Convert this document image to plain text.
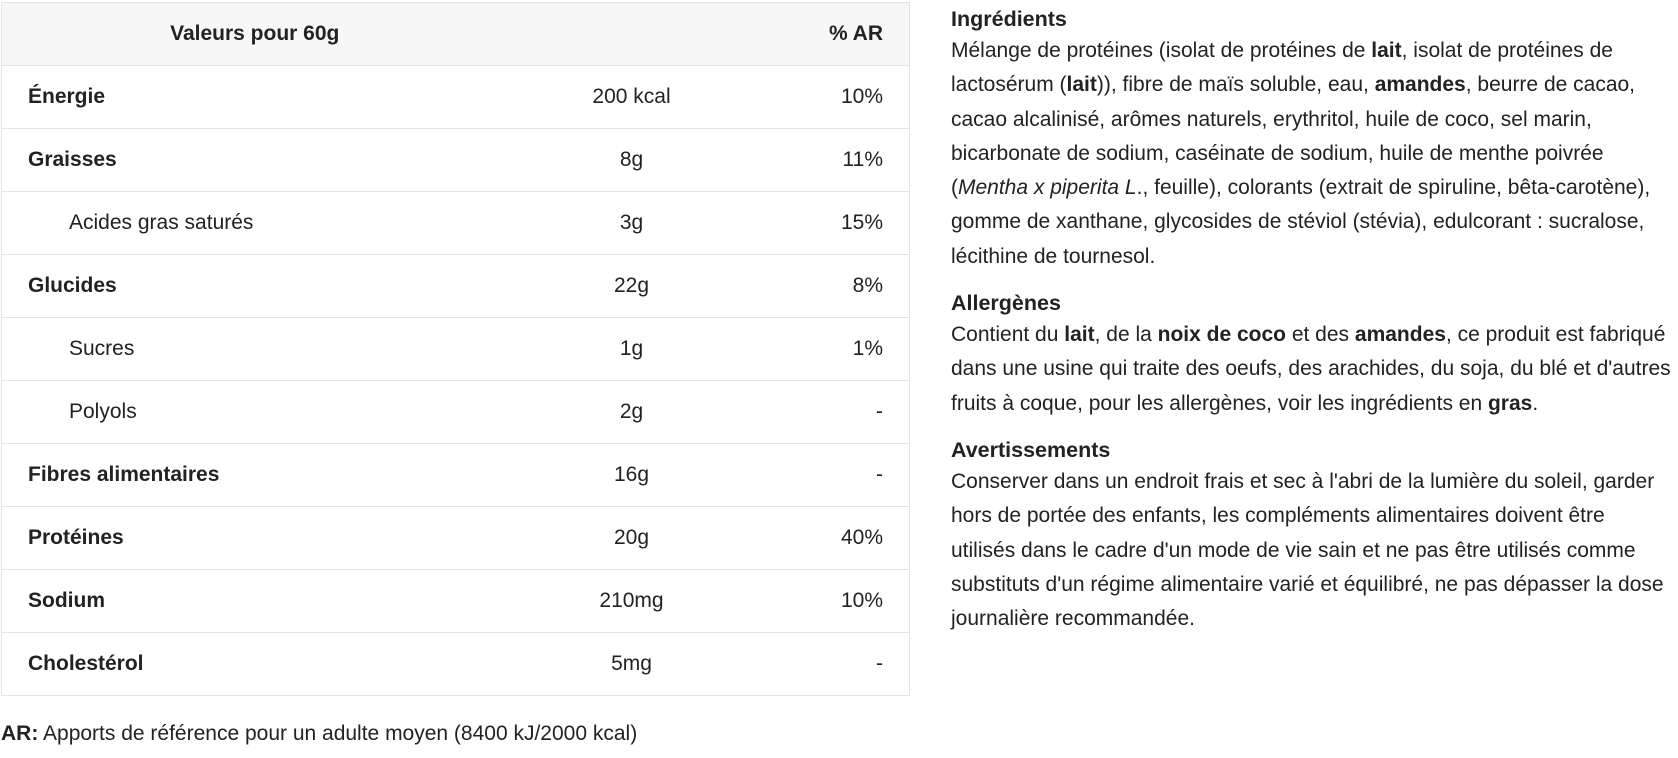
Valeurs pour 60g		% AR
Énergie	200 kcal	10%
Graisses	8g	11%
Acides gras saturés	3g	15%
Glucides	22g	8%
Sucres	1g	1%
Polyols	2g	-
Fibres alimentaires	16g	-
Protéines	20g	40%
Sodium	210mg	10%
Cholestérol	5mg	-
AR: Apports de référence pour un adulte moyen (8400 kJ/2000 kcal)
Ingrédients

Mélange de protéines (isolat de protéines de lait, isolat de protéines de lactosérum (lait)), fibre de maïs soluble, eau, amandes, beurre de cacao, cacao alcalinisé, arômes naturels, erythritol, huile de coco, sel marin, bicarbonate de sodium, caséinate de sodium, huile de menthe poivrée (Mentha x piperita L., feuille), colorants (extrait de spiruline, bêta-carotène), gomme de xanthane, glycosides de stéviol (stévia), edulcorant : sucralose, lécithine de tournesol.

Allergènes

Contient du lait, de la noix de coco et des amandes, ce produit est fabriqué dans une usine qui traite des oeufs, des arachides, du soja, du blé et d'autres fruits à coque, pour les allergènes, voir les ingrédients en gras.

Avertissements

Conserver dans un endroit frais et sec à l'abri de la lumière du soleil, garder hors de portée des enfants, les compléments alimentaires doivent être utilisés dans le cadre d'un mode de vie sain et ne pas être utilisés comme substituts d'un régime alimentaire varié et équilibré, ne pas dépasser la dose journalière recommandée.
